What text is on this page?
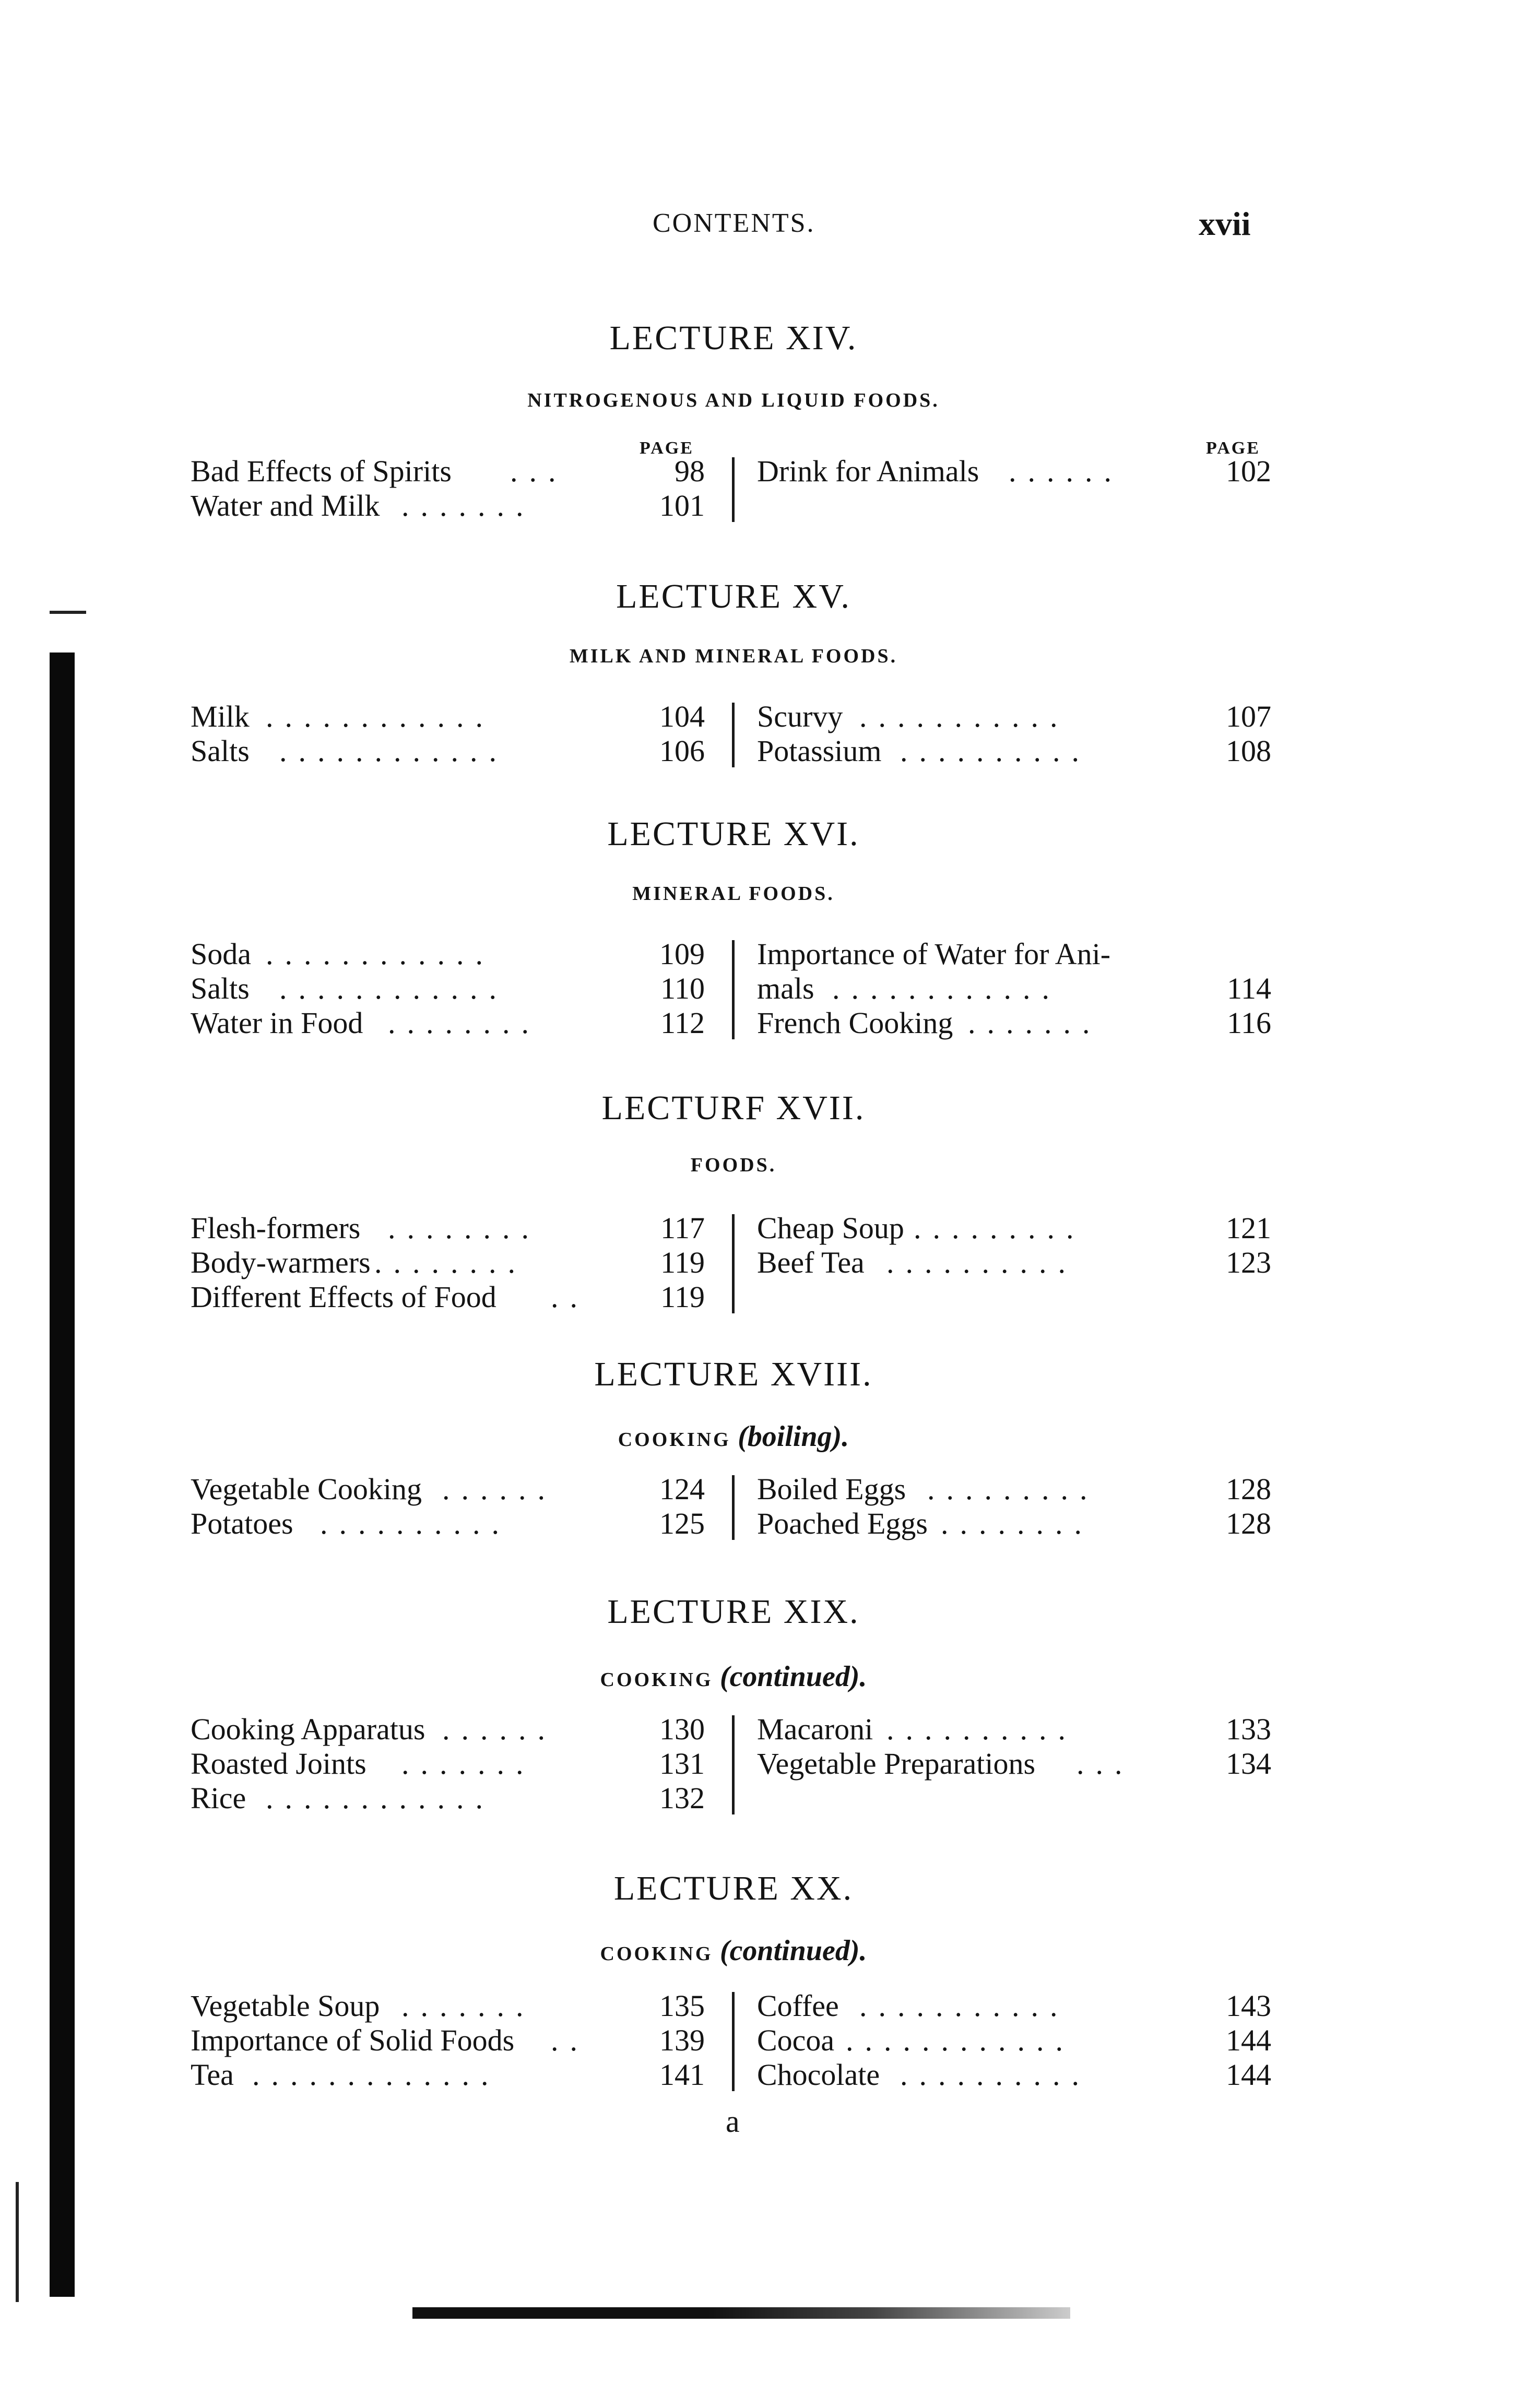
CONTENTS.	xvii
LECTURE XIV.
NITROGENOUS AND LIQUID FOODS.
PAGE	PAGE
Bad Effects of Spirits ...	98
Water and Milk .......	101
Drink for Animals ......	102
LECTURE XV.
MILK AND MINERAL FOODS.
Milk ............	104
Salts ............	106
Scurvy ...........	107
Potassium ..........	108
LECTURE XVI.
MINERAL FOODS.
Soda ............	109
Salts ............	110
Water in Food ........	112
Importance of Water for Ani-
mals ............	114
French Cooking .......	116
LECTURF XVII.
FOODS.
Flesh-formers ........	117
Body-warmers ........	119
Different Effects of Food .. 119
Cheap Soup .........	121
Beef Tea ..........	123
LECTURE XVIII.
COOKING (boiling).
Vegetable Cooking ......	124
Potatoes ..........	125
Boiled Eggs .........	128
Poached Eggs ........	128
LECTURE XIX.
COOKING (continued).
Cooking Apparatus ......	130
Roasted Joints .......	131
Rice ............	132
Macaroni ..........	133
Vegetable Preparations ...	134
LECTURE XX.
COOKING (continued).
Vegetable Soup .......	135
Importance of Solid Foods .. 139
Tea .............	141
Coffee ...........	143
Cocoa ............	144
Chocolate ..........	144
a
